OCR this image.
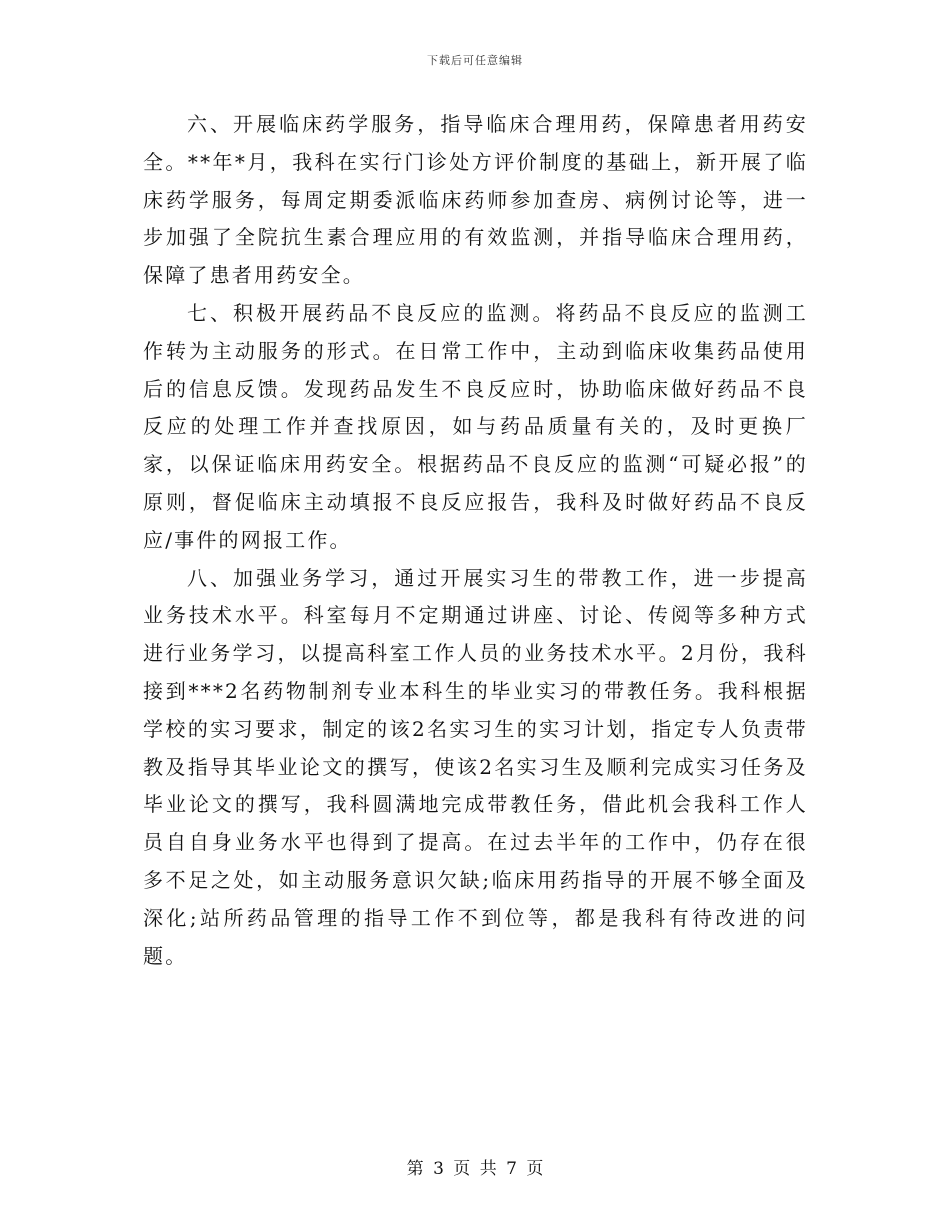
下载后可任意编辑

六、开展临床药学服务，指导临床合理用药，保障患者用药安全。**年*月，我科在实行门诊处方评价制度的基础上，新开展了临床药学服务，每周定期委派临床药师参加查房、病例讨论等，进一步加强了全院抗生素合理应用的有效监测，并指导临床合理用药，保障了患者用药安全。

七、积极开展药品不良反应的监测。将药品不良反应的监测工作转为主动服务的形式。在日常工作中，主动到临床收集药品使用后的信息反馈。发现药品发生不良反应时，协助临床做好药品不良反应的处理工作并查找原因，如与药品质量有关的，及时更换厂家，以保证临床用药安全。根据药品不良反应的监测“可疑必报”的原则，督促临床主动填报不良反应报告，我科及时做好药品不良反应/事件的网报工作。

八、加强业务学习，通过开展实习生的带教工作，进一步提高业务技术水平。科室每月不定期通过讲座、讨论、传阅等多种方式进行业务学习，以提高科室工作人员的业务技术水平。2月份，我科接到***2名药物制剂专业本科生的毕业实习的带教任务。我科根据学校的实习要求，制定的该2名实习生的实习计划，指定专人负责带教及指导其毕业论文的撰写，使该2名实习生及顺利完成实习任务及毕业论文的撰写，我科圆满地完成带教任务，借此机会我科工作人员自自身业务水平也得到了提高。在过去半年的工作中，仍存在很多不足之处，如主动服务意识欠缺;临床用药指导的开展不够全面及深化;站所药品管理的指导工作不到位等，都是我科有待改进的问题。

第 3 页 共 7 页
